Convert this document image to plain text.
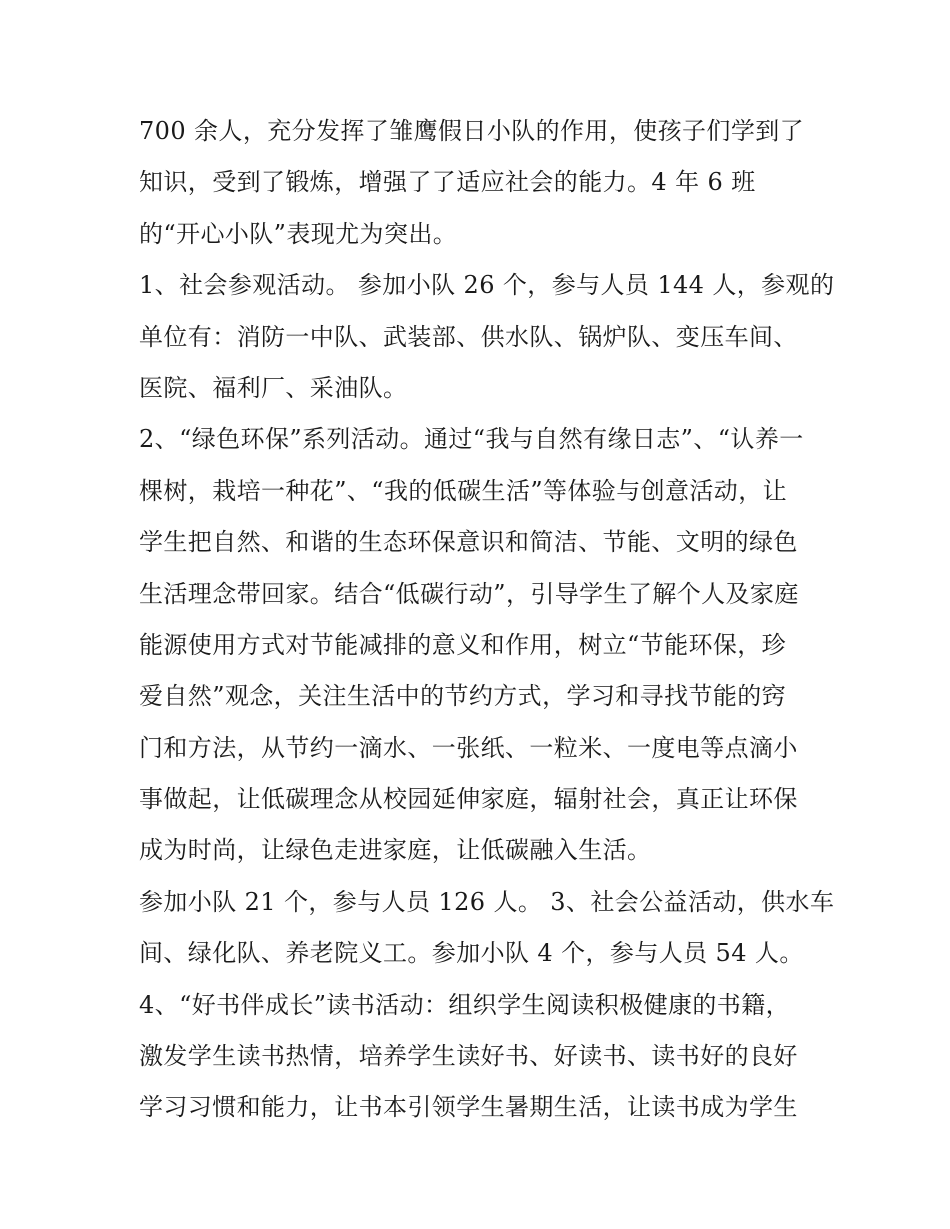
700 余人，充分发挥了雏鹰假日小队的作用，使孩子们学到了
知识，受到了锻炼，增强了了适应社会的能力。4 年 6 班
的“开心小队”表现尤为突出。
1、社会参观活动。 参加小队 26 个，参与人员 144 人，参观的
单位有：消防一中队、武装部、供水队、锅炉队、变压车间、
医院、福利厂、采油队。
2、“绿色环保”系列活动。通过“我与自然有缘日志”、“认养一
棵树，栽培一种花”、“我的低碳生活”等体验与创意活动，让
学生把自然、和谐的生态环保意识和简洁、节能、文明的绿色
生活理念带回家。结合“低碳行动”，引导学生了解个人及家庭
能源使用方式对节能减排的意义和作用，树立“节能环保，珍
爱自然”观念，关注生活中的节约方式，学习和寻找节能的窍
门和方法，从节约一滴水、一张纸、一粒米、一度电等点滴小
事做起，让低碳理念从校园延伸家庭，辐射社会，真正让环保
成为时尚，让绿色走进家庭，让低碳融入生活。
参加小队 21 个，参与人员 126 人。 3、社会公益活动，供水车
间、绿化队、养老院义工。参加小队 4 个，参与人员 54 人。
4、“好书伴成长”读书活动：组织学生阅读积极健康的书籍，
激发学生读书热情，培养学生读好书、好读书、读书好的良好
学习习惯和能力，让书本引领学生暑期生活，让读书成为学生
